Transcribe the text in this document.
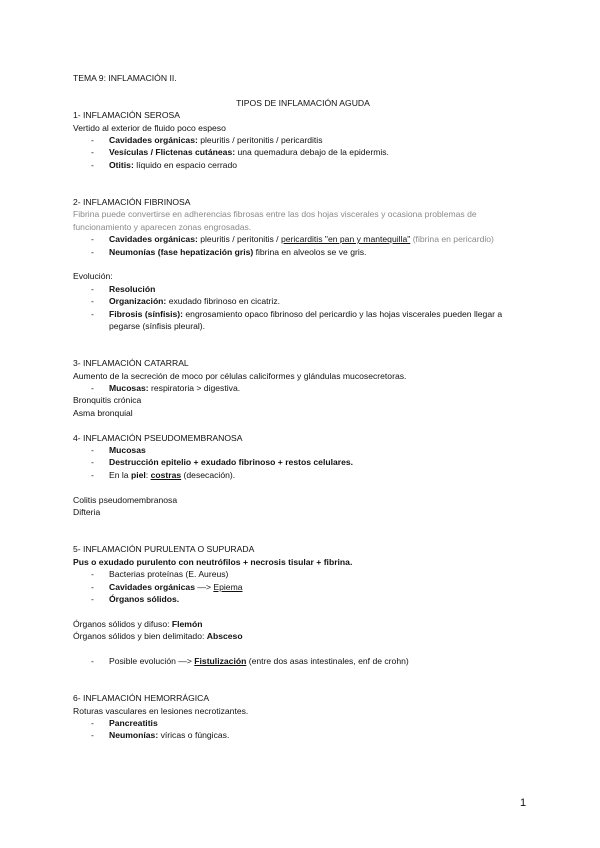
TEMA 9: INFLAMACIÓN II.
TIPOS DE INFLAMACIÓN AGUDA
1- INFLAMACIÓN SEROSA
Vertido al exterior de fluido poco espeso
- Cavidades orgánicas: pleuritis / peritonitis / pericarditis
- Vesículas / Flictenas cutáneas: una quemadura debajo de la epidermis.
- Otitis: líquido en espacio cerrado
2- INFLAMACIÓN FIBRINOSA
Fibrina puede convertirse en adherencias fibrosas entre las dos hojas viscerales y ocasiona problemas de
funcionamiento y aparecen zonas engrosadas.
- Cavidades orgánicas: pleuritis / peritonitis / pericarditis "en pan y mantequilla" (fibrina en pericardio)
- Neumonías (fase hepatización gris) fibrina en alveolos se ve gris.
Evolución:
- Resolución
- Organización: exudado fibrinoso en cicatriz.
- Fibrosis (sínfisis): engrosamiento opaco fibrinoso del pericardio y las hojas viscerales pueden llegar a
pegarse (sínfisis pleural).
3- INFLAMACIÓN CATARRAL
Aumento de la secreción de moco por células caliciformes y glándulas mucosecretoras.
- Mucosas: respiratoria > digestiva.
Bronquitis crónica
Asma bronquial
4- INFLAMACIÓN PSEUDOMEMBRANOSA
- Mucosas
- Destrucción epitelio + exudado fibrinoso + restos celulares.
- En la piel: costras (desecación).
Colitis pseudomembranosa
Difteria
5- INFLAMACIÓN PURULENTA O SUPURADA
Pus o exudado purulento con neutrófilos + necrosis tisular + fibrina.
- Bacterias proteínas (E. Aureus)
- Cavidades orgánicas —> Epiema
- Órganos sólidos.
Órganos sólidos y difuso: Flemón
Órganos sólidos y bien delimitado: Absceso
- Posible evolución —> Fistulización (entre dos asas intestinales, enf de crohn)
6- INFLAMACIÓN HEMORRÁGICA
Roturas vasculares en lesiones necrotizantes.
- Pancreatitis
- Neumonías: víricas o fúngicas.
1
